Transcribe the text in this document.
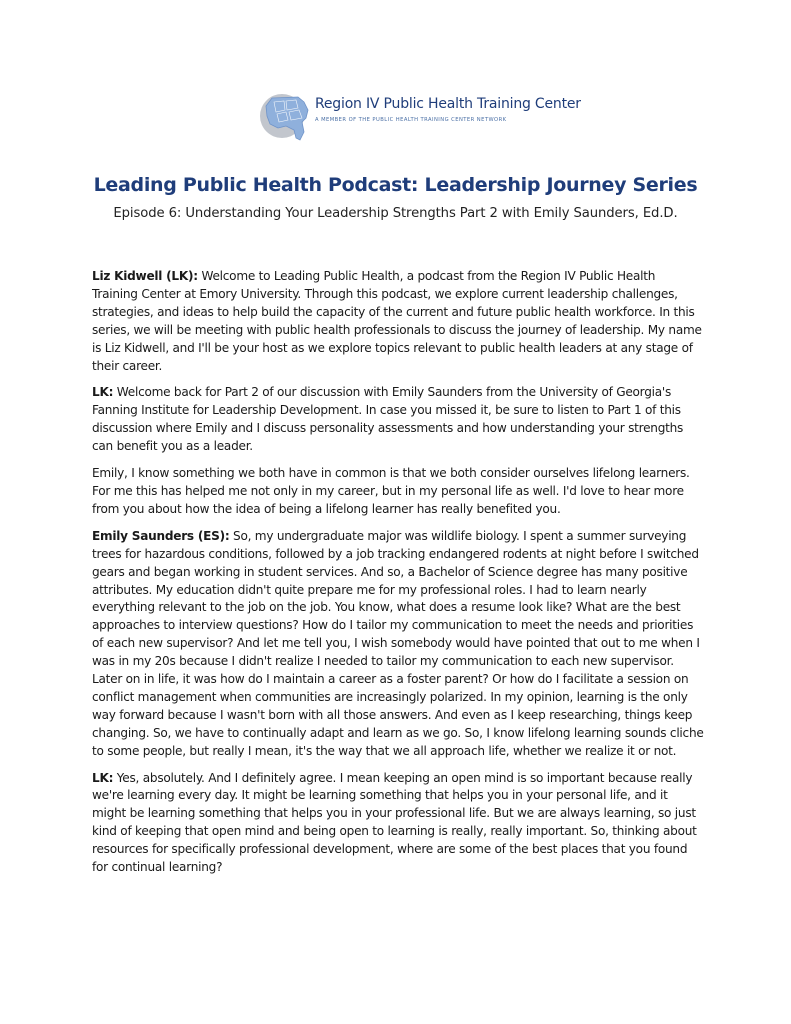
Region IV Public Health Training Center
A MEMBER OF THE PUBLIC HEALTH TRAINING CENTER NETWORK
Leading Public Health Podcast: Leadership Journey Series
Episode 6: Understanding Your Leadership Strengths Part 2 with Emily Saunders, Ed.D.

Liz Kidwell (LK): Welcome to Leading Public Health, a podcast from the Region IV Public Health Training Center at Emory University. Through this podcast, we explore current leadership challenges, strategies, and ideas to help build the capacity of the current and future public health workforce. In this series, we will be meeting with public health professionals to discuss the journey of leadership. My name is Liz Kidwell, and I'll be your host as we explore topics relevant to public health leaders at any stage of their career.

LK: Welcome back for Part 2 of our discussion with Emily Saunders from the University of Georgia's Fanning Institute for Leadership Development. In case you missed it, be sure to listen to Part 1 of this discussion where Emily and I discuss personality assessments and how understanding your strengths can benefit you as a leader.

Emily, I know something we both have in common is that we both consider ourselves lifelong learners. For me this has helped me not only in my career, but in my personal life as well. I'd love to hear more from you about how the idea of being a lifelong learner has really benefited you.

Emily Saunders (ES): So, my undergraduate major was wildlife biology. I spent a summer surveying trees for hazardous conditions, followed by a job tracking endangered rodents at night before I switched gears and began working in student services. And so, a Bachelor of Science degree has many positive attributes. My education didn't quite prepare me for my professional roles. I had to learn nearly everything relevant to the job on the job. You know, what does a resume look like? What are the best approaches to interview questions? How do I tailor my communication to meet the needs and priorities of each new supervisor? And let me tell you, I wish somebody would have pointed that out to me when I was in my 20s because I didn't realize I needed to tailor my communication to each new supervisor. Later on in life, it was how do I maintain a career as a foster parent? Or how do I facilitate a session on conflict management when communities are increasingly polarized. In my opinion, learning is the only way forward because I wasn't born with all those answers. And even as I keep researching, things keep changing. So, we have to continually adapt and learn as we go. So, I know lifelong learning sounds cliche to some people, but really I mean, it's the way that we all approach life, whether we realize it or not.

LK: Yes, absolutely. And I definitely agree. I mean keeping an open mind is so important because really we're learning every day. It might be learning something that helps you in your personal life, and it might be learning something that helps you in your professional life. But we are always learning, so just kind of keeping that open mind and being open to learning is really, really important. So, thinking about resources for specifically professional development, where are some of the best places that you found for continual learning?
